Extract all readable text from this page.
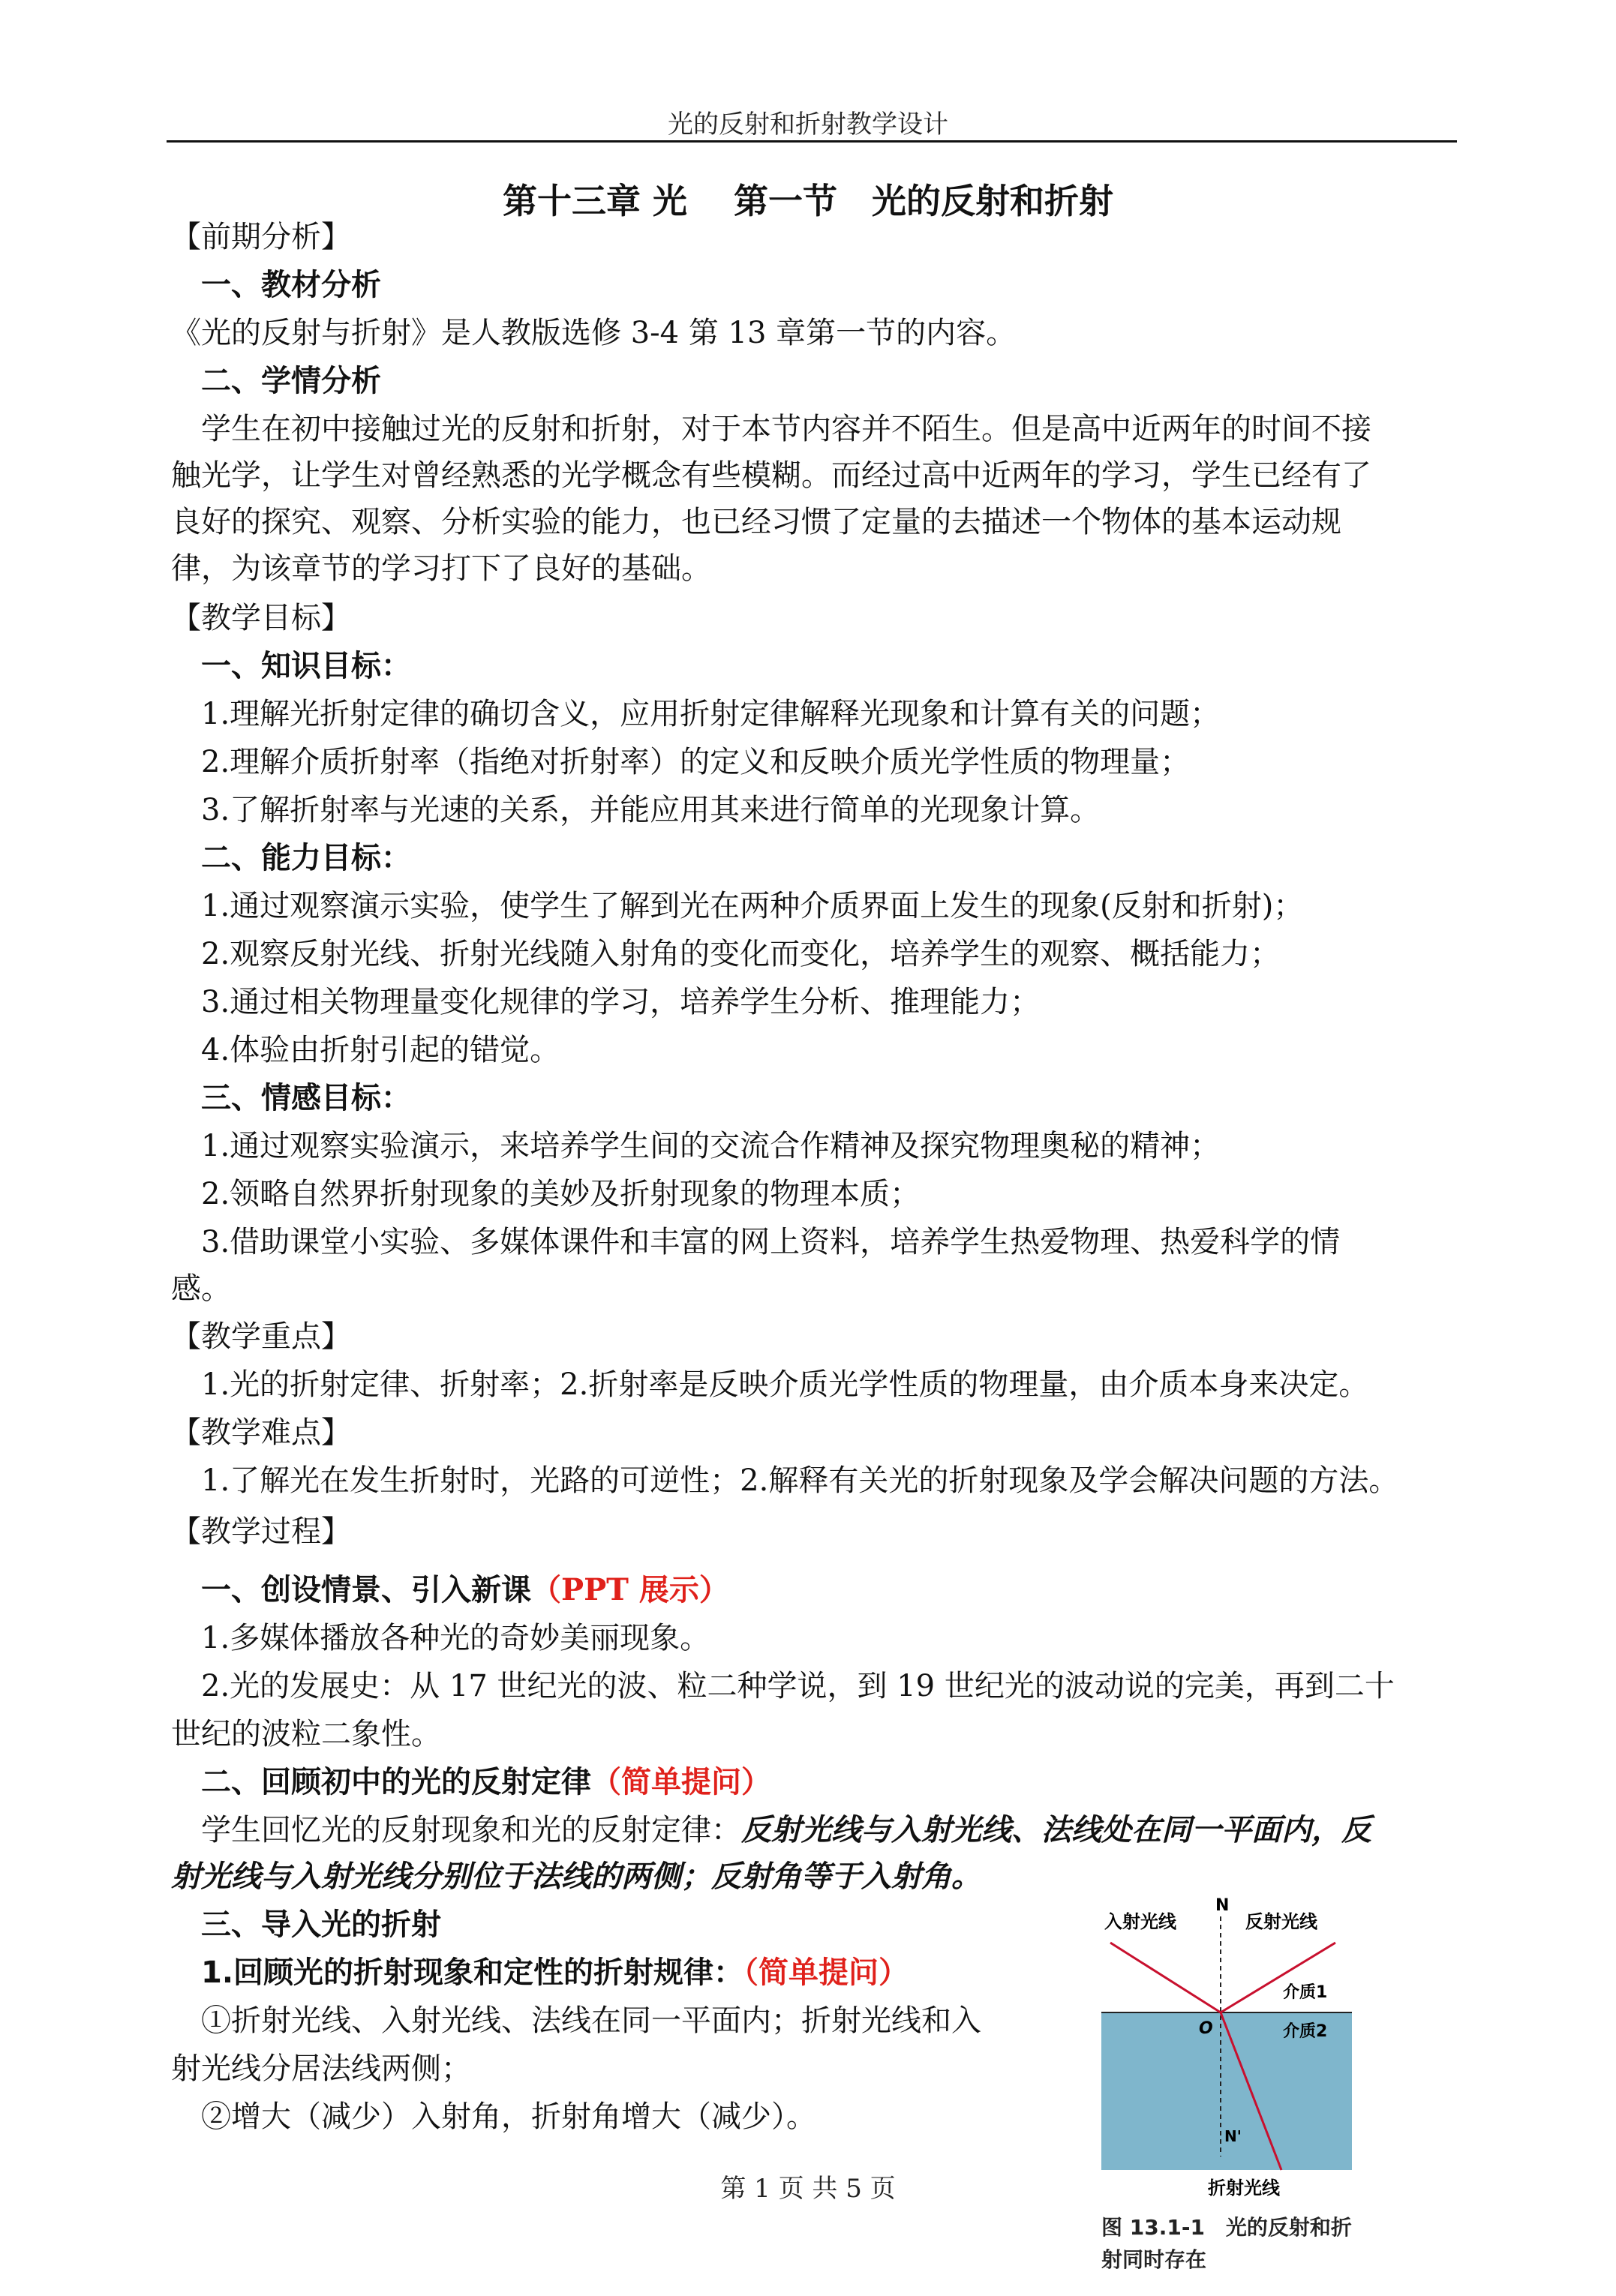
光的反射和折射教学设计
第十三章 光　 第一节　光的反射和折射
【前期分析】
一、教材分析
《光的反射与折射》是人教版选修 3-4 第 13 章第一节的内容。
二、学情分析
学生在初中接触过光的反射和折射，对于本节内容并不陌生。但是高中近两年的时间不接
触光学，让学生对曾经熟悉的光学概念有些模糊。而经过高中近两年的学习，学生已经有了
良好的探究、观察、分析实验的能力，也已经习惯了定量的去描述一个物体的基本运动规
律，为该章节的学习打下了良好的基础。
【教学目标】
一、知识目标：
1.理解光折射定律的确切含义，应用折射定律解释光现象和计算有关的问题；
2.理解介质折射率（指绝对折射率）的定义和反映介质光学性质的物理量；
3.了解折射率与光速的关系，并能应用其来进行简单的光现象计算。
二、能力目标：
1.通过观察演示实验，使学生了解到光在两种介质界面上发生的现象(反射和折射)；
2.观察反射光线、折射光线随入射角的变化而变化，培养学生的观察、概括能力；
3.通过相关物理量变化规律的学习，培养学生分析、推理能力；
4.体验由折射引起的错觉。
三、情感目标：
1.通过观察实验演示，来培养学生间的交流合作精神及探究物理奥秘的精神；
2.领略自然界折射现象的美妙及折射现象的物理本质；
3.借助课堂小实验、多媒体课件和丰富的网上资料，培养学生热爱物理、热爱科学的情
感。
【教学重点】
1.光的折射定律、折射率；2.折射率是反映介质光学性质的物理量，由介质本身来决定。
【教学难点】
1.了解光在发生折射时，光路的可逆性；2.解释有关光的折射现象及学会解决问题的方法。
【教学过程】
一、创设情景、引入新课（PPT 展示）
1.多媒体播放各种光的奇妙美丽现象。
2.光的发展史：从 17 世纪光的波、粒二种学说，到 19 世纪光的波动说的完美，再到二十
世纪的波粒二象性。
二、回顾初中的光的反射定律（简单提问）
学生回忆光的反射现象和光的反射定律：反射光线与入射光线、法线处在同一平面内，反
射光线与入射光线分别位于法线的两侧；反射角等于入射角。
三、导入光的折射
1.回顾光的折射现象和定性的折射规律：（简单提问）
①折射光线、入射光线、法线在同一平面内；折射光线和入
射光线分居法线两侧；
②增大（减少）入射角，折射角增大（减少）。
N
入射光线	反射光线
介质1
介质2
O
N'
折射光线
图 13.1-1　光的反射和折
射同时存在
第 1 页 共 5 页
